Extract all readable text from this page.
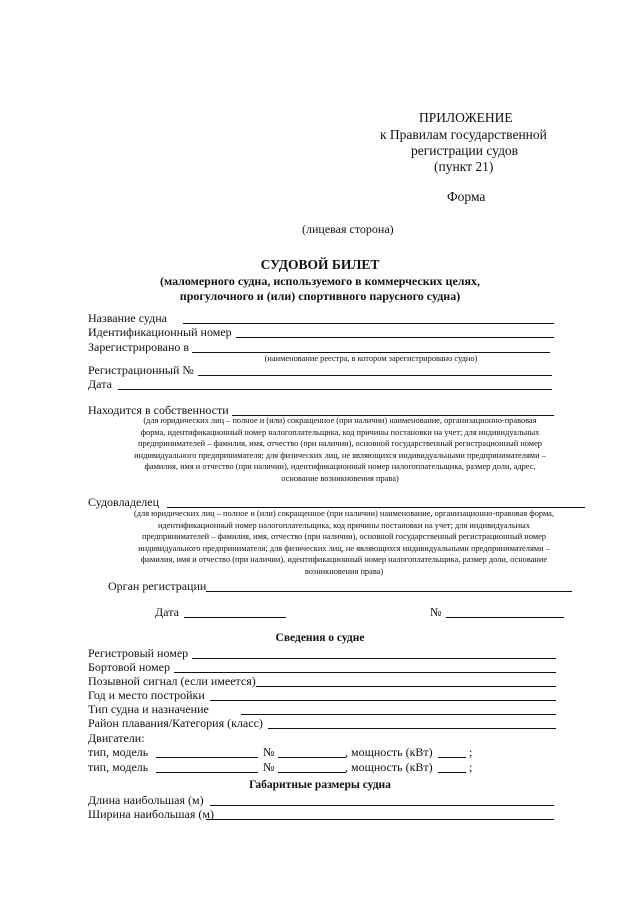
ПРИЛОЖЕНИЕ
к Правилам государственной
регистрации судов
(пункт 21)
Форма
(лицевая сторона)
СУДОВОЙ БИЛЕТ
(маломерного судна, используемого в коммерческих целях,
прогулочного и (или) спортивного парусного судна)
Название судна
Идентификационный номер
Зарегистрировано в
(наименование реестра, в котором зарегистрировано судно)
Регистрационный №
Дата
Находится в собственности
(для юридических лиц – полное и (или) сокращенное (при наличии) наименование, организационно-правовая
форма, идентификационный номер налогоплательщика, код причины постановки на учет; для индивидуальных
предпринимателей – фамилия, имя, отчество (при наличии), основной государственный регистрационный номер
индивидуального предпринимателя; для физических лиц, не являющихся индивидуальными предпринимателями –
фамилия, имя и отчество (при наличии), идентификационный номер налогоплательщика, размер доли, адрес,
основание возникновения права)
Судовладелец
(для юридических лиц – полное и (или) сокращенное (при наличии) наименование, организационно-правовая форма,
идентификационный номер налогоплательщика, код причины постановки на учет; для индивидуальных
предпринимателей – фамилия, имя, отчество (при наличии), основной государственный регистрационный номер
индивидуального предпринимателя; для физических лиц, не являющихся индивидуальными предпринимателями –
фамилия, имя и отчество (при наличии), идентификационный номер налогоплательщика, размер доли, основание
возникновения права)
Орган регистрации
Дата	№
Сведения о судне
Регистровый номер
Бортовой номер
Позывной сигнал (если имеется)
Год и место постройки
Тип судна и назначение
Район плавания/Категория (класс)
Двигатели:
тип, модель	№	, мощность (кВт)	;
тип, модель	№	, мощность (кВт)	;
Габаритные размеры судна
Длина наибольшая (м)
Ширина наибольшая (м)
